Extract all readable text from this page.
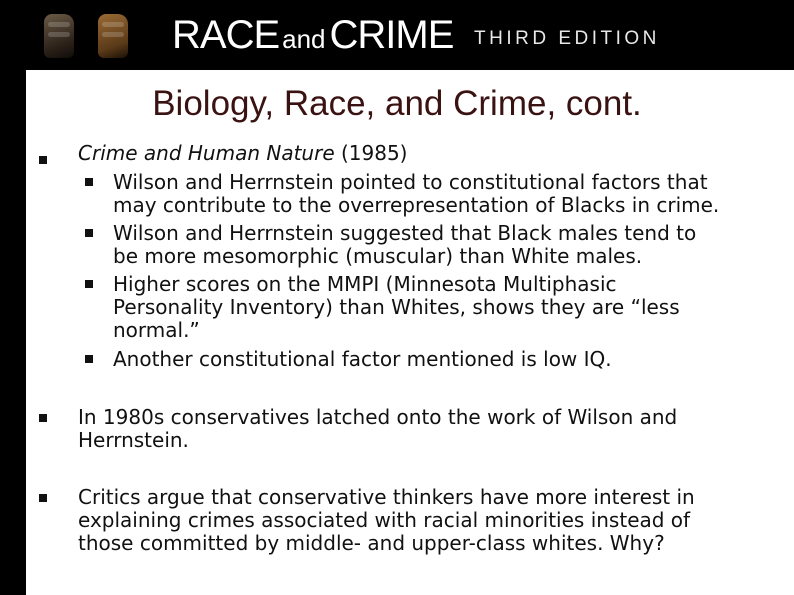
RACE and CRIME THIRD EDITION
Biology, Race, and Crime, cont.
Crime and Human Nature (1985)
Wilson and Herrnstein pointed to constitutional factors that
may contribute to the overrepresentation of Blacks in crime.
Wilson and Herrnstein suggested that Black males tend to
be more mesomorphic (muscular) than White males.
Higher scores on the MMPI (Minnesota Multiphasic
Personality Inventory) than Whites, shows they are “less
normal.”
Another constitutional factor mentioned is low IQ.
In 1980s conservatives latched onto the work of Wilson and
Herrnstein.
Critics argue that conservative thinkers have more interest in
explaining crimes associated with racial minorities instead of
those committed by middle- and upper-class whites. Why?
